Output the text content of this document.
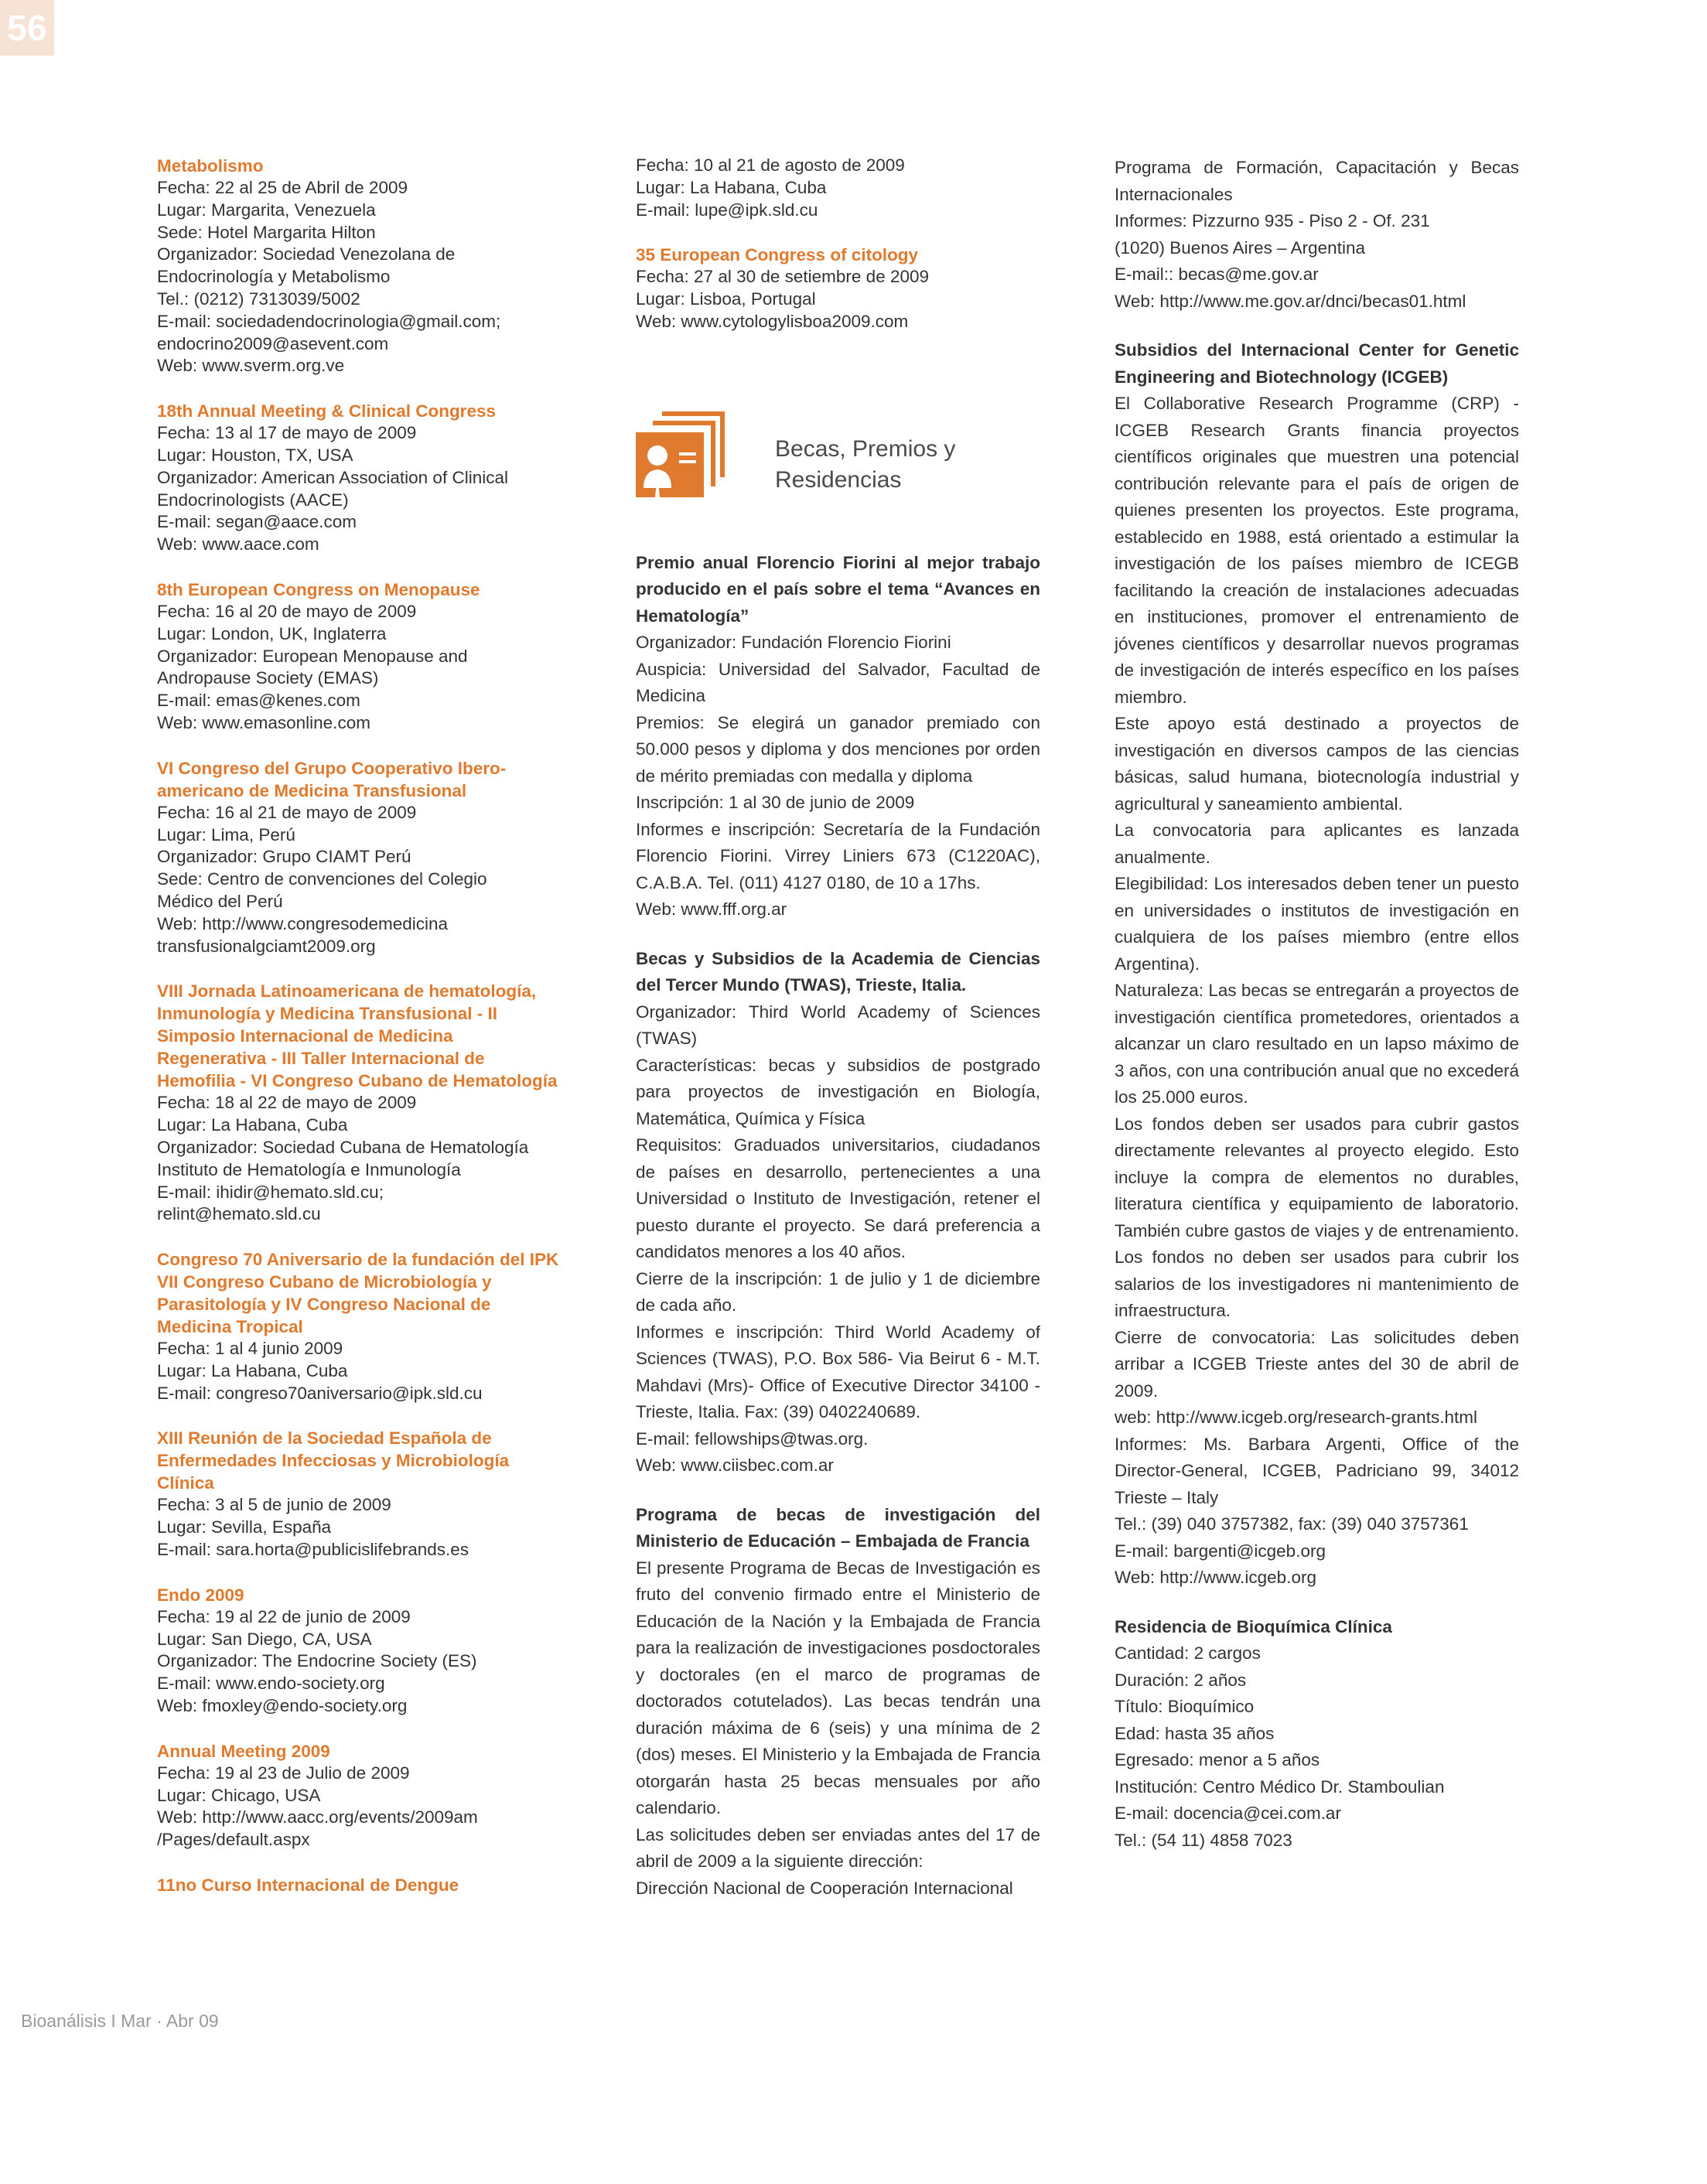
56
Metabolismo
Fecha: 22 al 25 de Abril de 2009
Lugar: Margarita, Venezuela
Sede: Hotel Margarita Hilton
Organizador: Sociedad Venezolana de
Endocrinología y Metabolismo
Tel.: (0212) 7313039/5002
E-mail: sociedadendocrinologia@gmail.com;
endocrino2009@asevent.com
Web: www.sverm.org.ve
18th Annual Meeting & Clinical Congress
Fecha: 13 al 17 de mayo de 2009
Lugar: Houston, TX, USA
Organizador: American Association of Clinical
Endocrinologists (AACE)
E-mail: segan@aace.com
Web: www.aace.com
8th European Congress on Menopause
Fecha: 16 al 20 de mayo de 2009
Lugar: London, UK, Inglaterra
Organizador: European Menopause and
Andropause Society (EMAS)
E-mail: emas@kenes.com
Web: www.emasonline.com
VI Congreso del Grupo Cooperativo Ibero-
americano de Medicina Transfusional
Fecha: 16 al 21 de mayo de 2009
Lugar: Lima, Perú
Organizador: Grupo CIAMT Perú
Sede: Centro de convenciones del Colegio
Médico del Perú
Web: http://www.congresodemedicina
transfusionalgciamt2009.org
VIII Jornada Latinoamericana de hematología,
Inmunología y Medicina Transfusional - II
Simposio Internacional de Medicina
Regenerativa - III Taller Internacional de
Hemofilia - VI Congreso Cubano de Hematología
Fecha: 18 al 22 de mayo de 2009
Lugar: La Habana, Cuba
Organizador: Sociedad Cubana de Hematología
Instituto de Hematología e Inmunología
E-mail: ihidir@hemato.sld.cu;
relint@hemato.sld.cu
Congreso 70 Aniversario de la fundación del IPK
VII Congreso Cubano de Microbiología y
Parasitología y IV Congreso Nacional de
Medicina Tropical
Fecha: 1 al 4 junio 2009
Lugar: La Habana, Cuba
E-mail: congreso70aniversario@ipk.sld.cu
XIII Reunión de la Sociedad Española de
Enfermedades Infecciosas y Microbiología
Clínica
Fecha: 3 al 5 de junio de 2009
Lugar: Sevilla, España
E-mail: sara.horta@publicislifebrands.es
Endo 2009
Fecha: 19 al 22 de junio de 2009
Lugar: San Diego, CA, USA
Organizador: The Endocrine Society (ES)
E-mail: www.endo-society.org
Web: fmoxley@endo-society.org
Annual Meeting 2009
Fecha: 19 al 23 de Julio de 2009
Lugar: Chicago, USA
Web: http://www.aacc.org/events/2009am
/Pages/default.aspx
11no Curso Internacional de Dengue
Fecha: 10 al 21 de agosto de 2009
Lugar: La Habana, Cuba
E-mail: lupe@ipk.sld.cu
35 European Congress of citology
Fecha: 27 al 30 de setiembre de 2009
Lugar: Lisboa, Portugal
Web: www.cytologylisboa2009.com
Becas, Premios y
Residencias
Premio anual Florencio Fiorini al mejor trabajo producido en el país sobre el tema “Avances en Hematología”
Organizador: Fundación Florencio Fiorini
Auspicia: Universidad del Salvador, Facultad de Medicina
Premios: Se elegirá un ganador premiado con 50.000 pesos y diploma y dos menciones por orden de mérito premiadas con medalla y diploma
Inscripción: 1 al 30 de junio de 2009
Informes e inscripción: Secretaría de la Fundación Florencio Fiorini. Virrey Liniers 673 (C1220AC), C.A.B.A. Tel. (011) 4127 0180, de 10 a 17hs.
Web: www.fff.org.ar
Becas y Subsidios de la Academia de Ciencias del Tercer Mundo (TWAS), Trieste, Italia.
Organizador: Third World Academy of Sciences (TWAS)
Características: becas y subsidios de postgrado para proyectos de investigación en Biología, Matemática, Química y Física
Requisitos: Graduados universitarios, ciudadanos de países en desarrollo, pertenecientes a una Universidad o Instituto de Investigación, retener el puesto durante el proyecto. Se dará preferencia a candidatos menores a los 40 años.
Cierre de la inscripción: 1 de julio y 1 de diciembre de cada año.
Informes e inscripción: Third World Academy of Sciences (TWAS), P.O. Box 586- Via Beirut 6 - M.T. Mahdavi (Mrs)- Office of Executive Director 34100 - Trieste, Italia. Fax: (39) 0402240689.
E-mail: fellowships@twas.org.
Web: www.ciisbec.com.ar
Programa de becas de investigación del Ministerio de Educación – Embajada de Francia
El presente Programa de Becas de Investigación es fruto del convenio firmado entre el Ministerio de Educación de la Nación y la Embajada de Francia para la realización de investigaciones posdoctorales y doctorales (en el marco de programas de doctorados cotutelados). Las becas tendrán una duración máxima de 6 (seis) y una mínima de 2 (dos) meses. El Ministerio y la Embajada de Francia otorgarán hasta 25 becas mensuales por año calendario.
Las solicitudes deben ser enviadas antes del 17 de abril de 2009 a la siguiente dirección:
Dirección Nacional de Cooperación Internacional
Programa de Formación, Capacitación y Becas Internacionales
Informes: Pizzurno 935 - Piso 2 - Of. 231
(1020) Buenos Aires – Argentina
E-mail:: becas@me.gov.ar
Web: http://www.me.gov.ar/dnci/becas01.html
Subsidios del Internacional Center for Genetic Engineering and Biotechnology (ICGEB)
El Collaborative Research Programme (CRP) - ICGEB Research Grants financia proyectos científicos originales que muestren una potencial contribución relevante para el país de origen de quienes presenten los proyectos. Este programa, establecido en 1988, está orientado a estimular la investigación de los países miembro de ICEGB facilitando la creación de instalaciones adecuadas en instituciones, promover el entrenamiento de jóvenes científicos y desarrollar nuevos programas de investigación de interés específico en los países miembro.
Este apoyo está destinado a proyectos de investigación en diversos campos de las ciencias básicas, salud humana, biotecnología industrial y agricultural y saneamiento ambiental.
La convocatoria para aplicantes es lanzada anualmente.
Elegibilidad: Los interesados deben tener un puesto en universidades o institutos de investigación en cualquiera de los países miembro (entre ellos Argentina).
Naturaleza: Las becas se entregarán a proyectos de investigación científica prometedores, orientados a alcanzar un claro resultado en un lapso máximo de 3 años, con una contribución anual que no excederá los 25.000 euros.
Los fondos deben ser usados para cubrir gastos directamente relevantes al proyecto elegido. Esto incluye la compra de elementos no durables, literatura científica y equipamiento de laboratorio. También cubre gastos de viajes y de entrenamiento. Los fondos no deben ser usados para cubrir los salarios de los investigadores ni mantenimiento de infraestructura.
Cierre de convocatoria: Las solicitudes deben arribar a ICGEB Trieste antes del 30 de abril de 2009.
web: http://www.icgeb.org/research-grants.html
Informes: Ms. Barbara Argenti, Office of the Director-General, ICGEB, Padriciano 99, 34012 Trieste – Italy
Tel.: (39) 040 3757382, fax: (39) 040 3757361
E-mail: bargenti@icgeb.org
Web: http://www.icgeb.org
Residencia de Bioquímica Clínica
Cantidad: 2 cargos
Duración: 2 años
Título: Bioquímico
Edad: hasta 35 años
Egresado: menor a 5 años
Institución: Centro Médico Dr. Stamboulian
E-mail: docencia@cei.com.ar
Tel.: (54 11) 4858 7023
Bioanálisis I Mar · Abr 09
